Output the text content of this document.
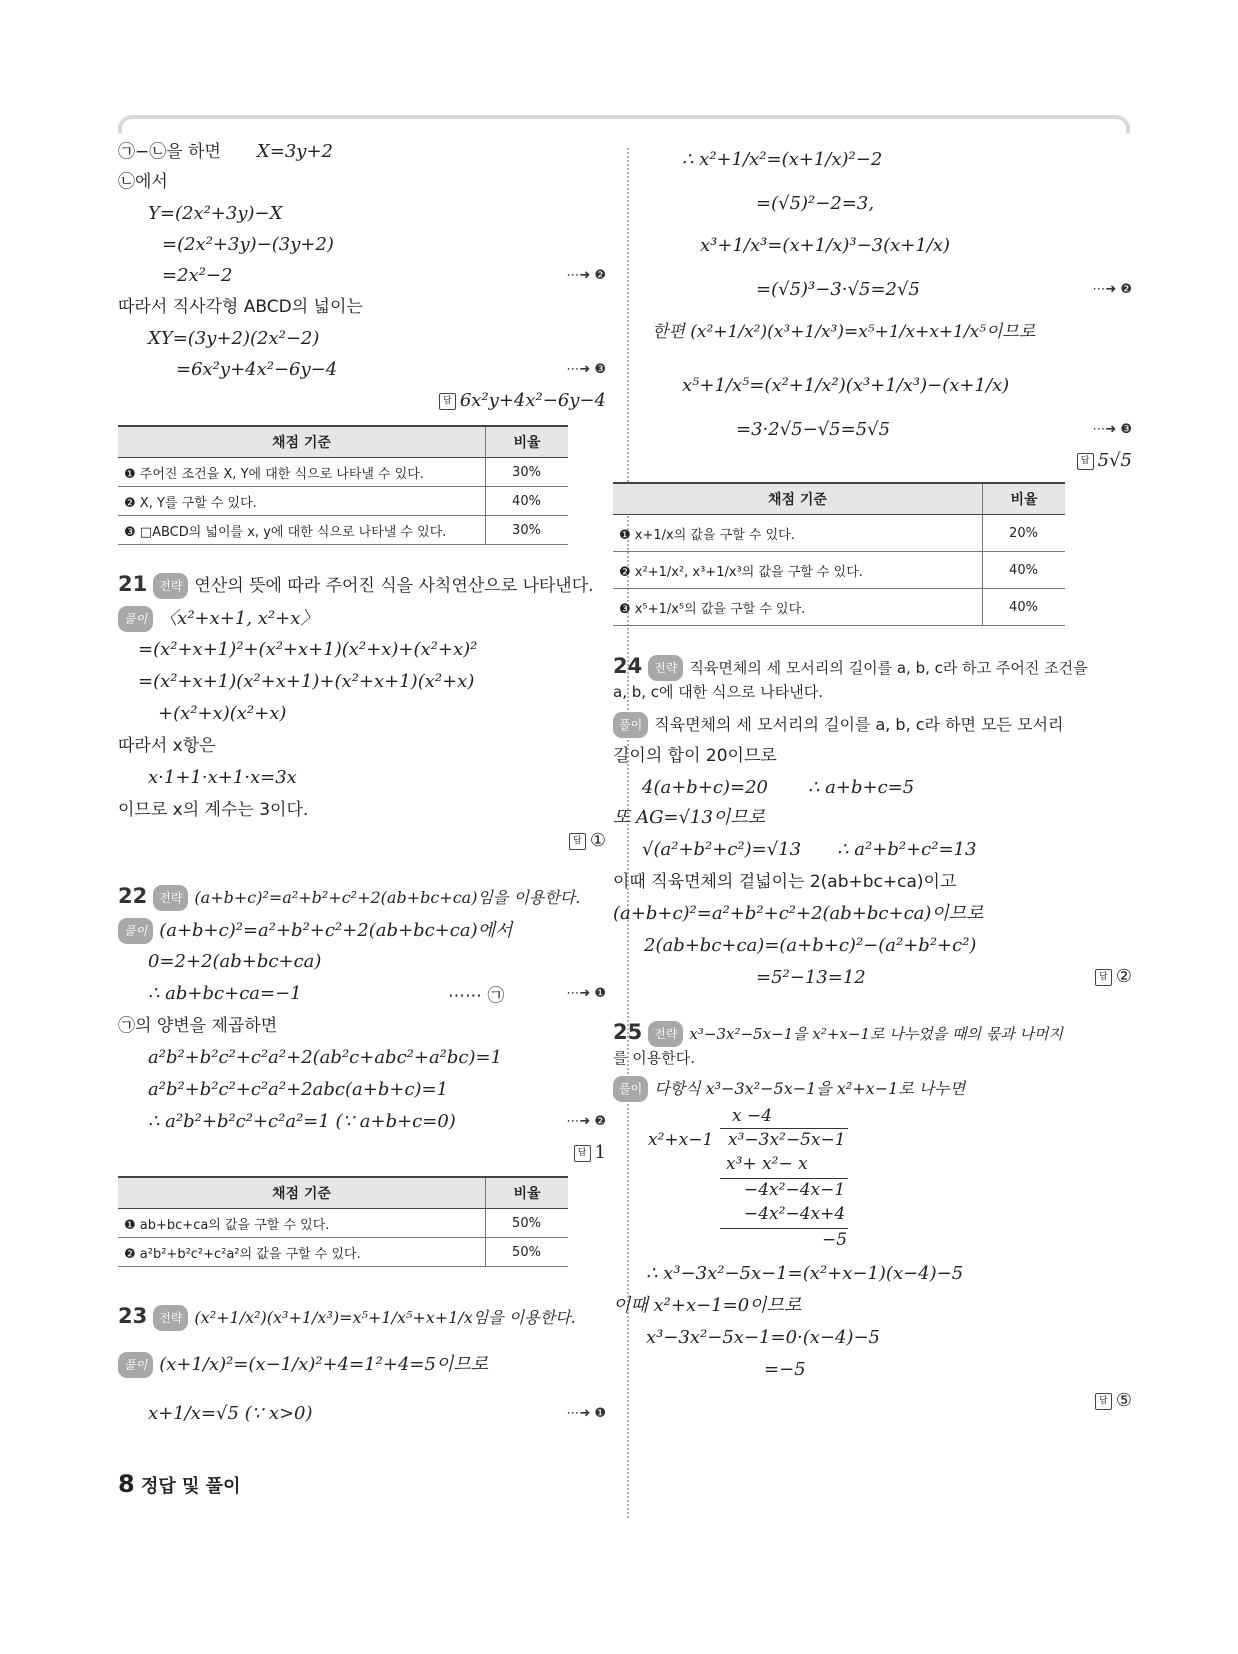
㉠−㉡을 하면 X=3y+2
㉡에서
Y=(2x²+3y)−X
=(2x²+3y)−(3y+2)
=2x²−2	⋯➜ ❷
따라서 직사각형 ABCD의 넓이는
XY=(3y+2)(2x²−2)
=6x²y+4x²−6y−4	⋯➜ ❸
답 6x²y+4x²−6y−4
채점 기준	비율
❶ 주어진 조건을 X, Y에 대한 식으로 나타낼 수 있다.	30%
❷ X, Y를 구할 수 있다.	40%
❸ □ABCD의 넓이를 x, y에 대한 식으로 나타낼 수 있다.	30%
21 전략 연산의 뜻에 따라 주어진 식을 사칙연산으로 나타낸다.
풀이 〈x²+x+1, x²+x〉
=(x²+x+1)²+(x²+x+1)(x²+x)+(x²+x)²
=(x²+x+1)(x²+x+1)+(x²+x+1)(x²+x)
+(x²+x)(x²+x)
따라서 x항은
x·1+1·x+1·x=3x
이므로 x의 계수는 3이다.
답 ①
22 전략 (a+b+c)²=a²+b²+c²+2(ab+bc+ca)임을 이용한다.
풀이 (a+b+c)²=a²+b²+c²+2(ab+bc+ca)에서
0=2+2(ab+bc+ca)
∴ ab+bc+ca=−1	⋯⋯ ㉠	⋯➜ ❶
㉠의 양변을 제곱하면
a²b²+b²c²+c²a²+2(ab²c+abc²+a²bc)=1
a²b²+b²c²+c²a²+2abc(a+b+c)=1
∴ a²b²+b²c²+c²a²=1 (∵ a+b+c=0)	⋯➜ ❷
답 1
채점 기준	비율
❶ ab+bc+ca의 값을 구할 수 있다.	50%
❷ a²b²+b²c²+c²a²의 값을 구할 수 있다.	50%
23 전략 (x²+1/x²)(x³+1/x³)=x⁵+1/x⁵+x+1/x임을 이용한다.
풀이 (x+1/x)²=(x−1/x)²+4=1²+4=5이므로
x+1/x=√5 (∵ x>0)	⋯➜ ❶
∴ x²+1/x²=(x+1/x)²−2
=(√5)²−2=3,
x³+1/x³=(x+1/x)³−3(x+1/x)
=(√5)³−3·√5=2√5	⋯➜ ❷
한편 (x²+1/x²)(x³+1/x³)=x⁵+1/x+x+1/x⁵이므로
x⁵+1/x⁵=(x²+1/x²)(x³+1/x³)−(x+1/x)
=3·2√5−√5=5√5	⋯➜ ❸
답 5√5
채점 기준	비율
❶ x+1/x의 값을 구할 수 있다.	20%
❷ x²+1/x², x³+1/x³의 값을 구할 수 있다.	40%
❸ x⁵+1/x⁵의 값을 구할 수 있다.	40%
24 전략 직육면체의 세 모서리의 길이를 a, b, c라 하고 주어진 조건을
a, b, c에 대한 식으로 나타낸다.
풀이 직육면체의 세 모서리의 길이를 a, b, c라 하면 모든 모서리
길이의 합이 20이므로
4(a+b+c)=20 ∴ a+b+c=5
또 AG=√13이므로
√(a²+b²+c²)=√13 ∴ a²+b²+c²=13
이때 직육면체의 겉넓이는 2(ab+bc+ca)이고
(a+b+c)²=a²+b²+c²+2(ab+bc+ca)이므로
2(ab+bc+ca)=(a+b+c)²−(a²+b²+c²)
=5²−13=12	답 ②
25 전략 x³−3x²−5x−1을 x²+x−1로 나누었을 때의 몫과 나머지
를 이용한다.
풀이 다항식 x³−3x²−5x−1을 x²+x−1로 나누면
x −4
x²+x−1 x³−3x²−5x−1
x³+ x²− x
−4x²−4x−1
−4x²−4x+4
−5
∴ x³−3x²−5x−1=(x²+x−1)(x−4)−5
이때 x²+x−1=0이므로
x³−3x²−5x−1=0·(x−4)−5
=−5
답 ⑤
8 정답 및 풀이
